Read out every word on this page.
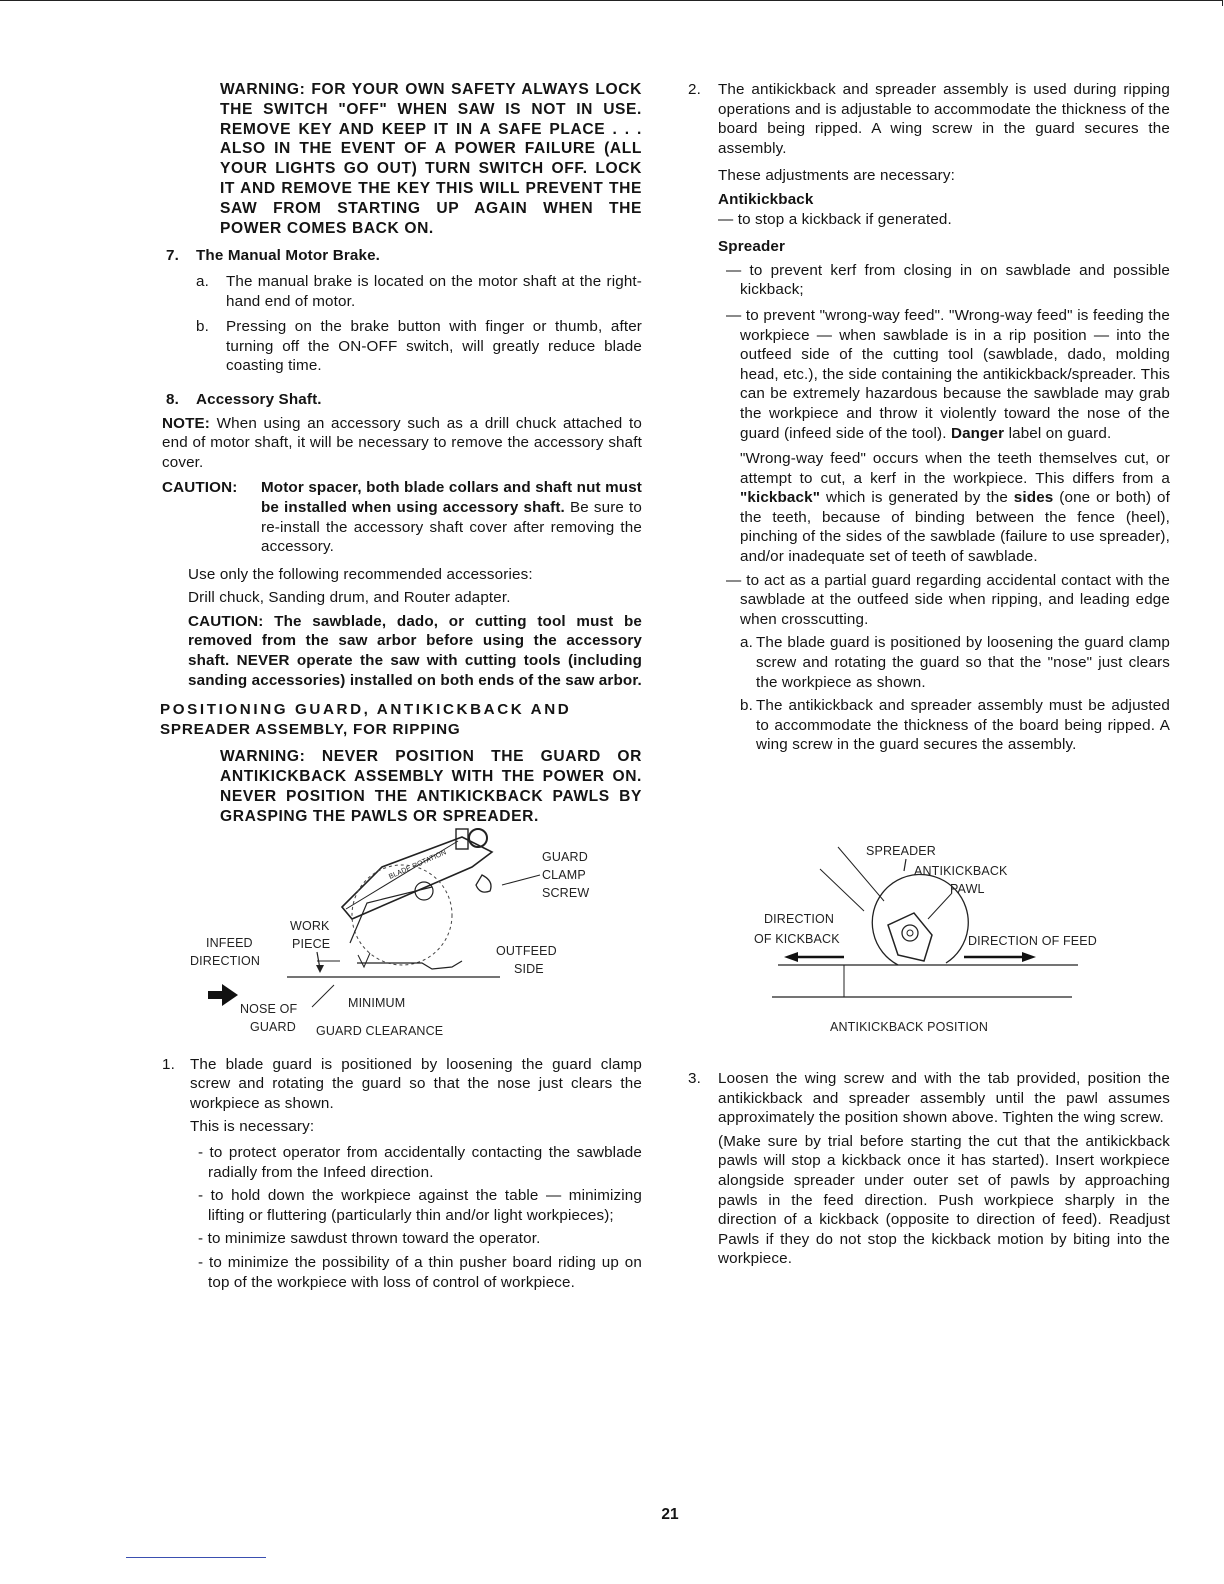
WARNING: FOR YOUR OWN SAFETY ALWAYS LOCK THE SWITCH "OFF" WHEN SAW IS NOT IN USE. REMOVE KEY AND KEEP IT IN A SAFE PLACE . . . ALSO IN THE EVENT OF A POWER FAILURE (ALL YOUR LIGHTS GO OUT) TURN SWITCH OFF. LOCK IT AND REMOVE THE KEY THIS WILL PREVENT THE SAW FROM STARTING UP AGAIN WHEN THE POWER COMES BACK ON.

7.	The Manual Motor Brake.
a.	The manual brake is located on the motor shaft at the right-hand end of motor.
b.	Pressing on the brake button with finger or thumb, after turning off the ON-OFF switch, will greatly reduce blade coasting time.
8.	Accessory Shaft.

NOTE: When using an accessory such as a drill chuck attached to end of motor shaft, it will be necessary to remove the accessory shaft cover.

CAUTION:	Motor spacer, both blade collars and shaft nut must be installed when using accessory shaft. Be sure to re-install the accessory shaft cover after removing the accessory.

Use only the following recommended accessories:

Drill chuck, Sanding drum, and Router adapter.

CAUTION: The sawblade, dado, or cutting tool must be removed from the saw arbor before using the accessory shaft. NEVER operate the saw with cutting tools (including sanding accessories) installed on both ends of the saw arbor.

POSITIONING GUARD, ANTIKICKBACK AND

SPREADER ASSEMBLY, FOR RIPPING

WARNING: NEVER POSITION THE GUARD OR ANTIKICKBACK ASSEMBLY WITH THE POWER ON. NEVER POSITION THE ANTIKICKBACK PAWLS BY GRASPING THE PAWLS OR SPREADER.

BLADE ROTATION	GUARD
CLAMP
SCREW
WORK
PIECE
INFEED
DIRECTION
OUTFEED
SIDE
MINIMUM
NOSE OF
GUARD GUARD CLEARANCE
1. The blade guard is positioned by loosening the guard clamp screw and rotating the guard so that the nose just clears the workpiece as shown.

This is necessary:

- to protect operator from accidentally contacting the sawblade radially from the Infeed direction.

- to hold down the workpiece against the table — minimizing lifting or fluttering (particularly thin and/or light workpieces);

- to minimize sawdust thrown toward the operator.

- to minimize the possibility of a thin pusher board riding up on top of the workpiece with loss of control of workpiece.

2.	The antikickback and spreader assembly is used during ripping operations and is adjustable to accommodate the thickness of the board being ripped. A wing screw in the guard secures the assembly.

These adjustments are necessary:

Antikickback

— to stop a kickback if generated.

Spreader

— to prevent kerf from closing in on sawblade and possible kickback;

— to prevent "wrong-way feed". "Wrong-way feed" is feeding the workpiece — when sawblade is in a rip position — into the outfeed side of the cutting tool (sawblade, dado, molding head, etc.), the side containing the antikickback/spreader. This can be extremely hazardous because the sawblade may grab the workpiece and throw it violently toward the nose of the guard (infeed side of the tool). Danger label on guard.

"Wrong-way feed" occurs when the teeth themselves cut, or attempt to cut, a kerf in the workpiece. This differs from a "kickback" which is generated by the sides (one or both) of the teeth, because of binding between the fence (heel), pinching of the sides of the sawblade (failure to use spreader), and/or inadequate set of teeth of sawblade.

— to act as a partial guard regarding accidental contact with the sawblade at the outfeed side when ripping, and leading edge when crosscutting.

a. The blade guard is positioned by loosening the guard clamp screw and rotating the guard so that the "nose" just clears the workpiece as shown.
b. The antikickback and spreader assembly must be adjusted to accommodate the thickness of the board being ripped. A wing screw in the guard secures the assembly.
SPREADER
ANTIKICKBACK
PAWL
DIRECTION
OF KICKBACK	DIRECTION OF FEED
ANTIKICKBACK POSITION
3.	Loosen the wing screw and with the tab provided, position the antikickback and spreader assembly until the pawl assumes approximately the position shown above. Tighten the wing screw.

(Make sure by trial before starting the cut that the antikickback pawls will stop a kickback once it has started). Insert workpiece alongside spreader under outer set of pawls by approaching pawls in the feed direction. Push workpiece sharply in the direction of a kickback (opposite to direction of feed). Readjust Pawls if they do not stop the kickback motion by biting into the workpiece.

21
